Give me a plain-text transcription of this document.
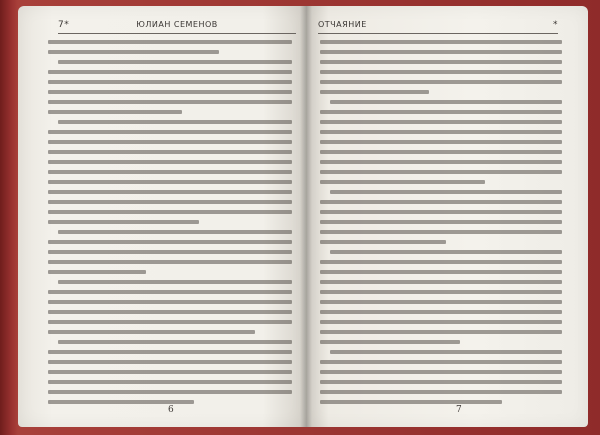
7*	ЮЛИАН СЕМЕНОВ
6
ОТЧАЯНИЕ	*
7
